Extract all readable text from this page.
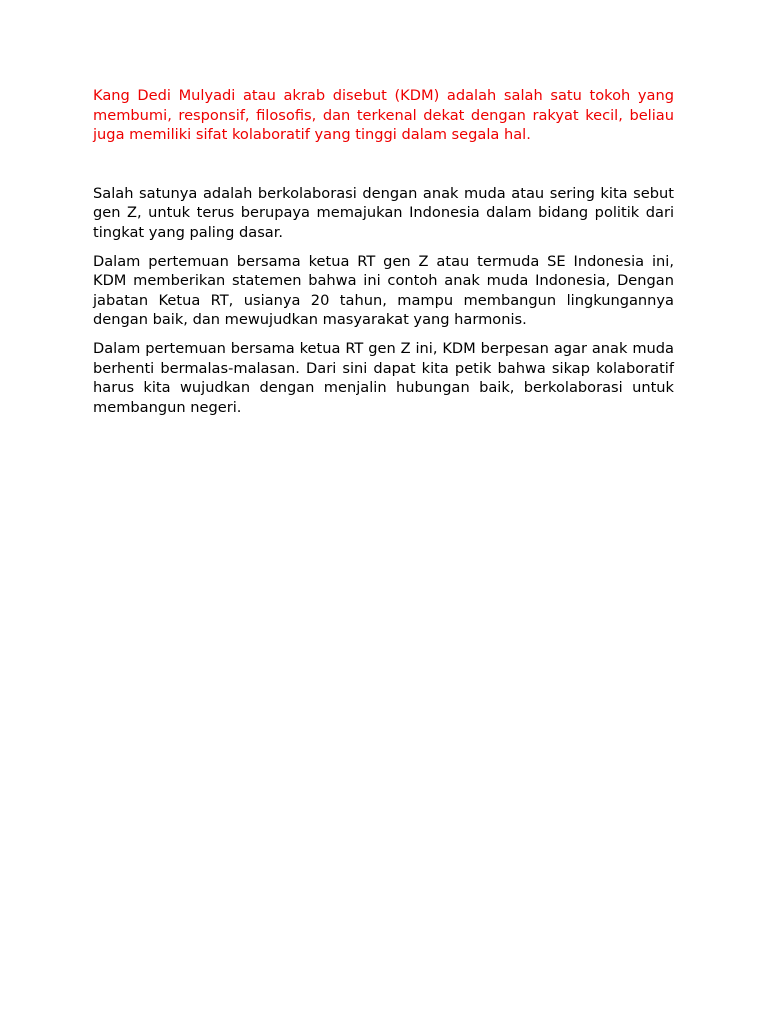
Kang Dedi Mulyadi atau akrab disebut (KDM) adalah salah satu tokoh yang membumi, responsif, filosofis, dan terkenal dekat dengan rakyat kecil, beliau juga memiliki sifat kolaboratif yang tinggi dalam segala hal.

Salah satunya adalah berkolaborasi dengan anak muda atau sering kita sebut gen Z, untuk terus berupaya memajukan Indonesia dalam bidang politik dari tingkat yang paling dasar.

Dalam pertemuan bersama ketua RT gen Z atau termuda SE Indonesia ini, KDM memberikan statemen bahwa ini contoh anak muda Indonesia, Dengan jabatan Ketua RT, usianya 20 tahun, mampu membangun lingkungannya dengan baik, dan mewujudkan masyarakat yang harmonis.

Dalam pertemuan bersama ketua RT gen Z ini, KDM berpesan agar anak muda berhenti bermalas-malasan. Dari sini dapat kita petik bahwa sikap kolaboratif harus kita wujudkan dengan menjalin hubungan baik, berkolaborasi untuk membangun negeri.
